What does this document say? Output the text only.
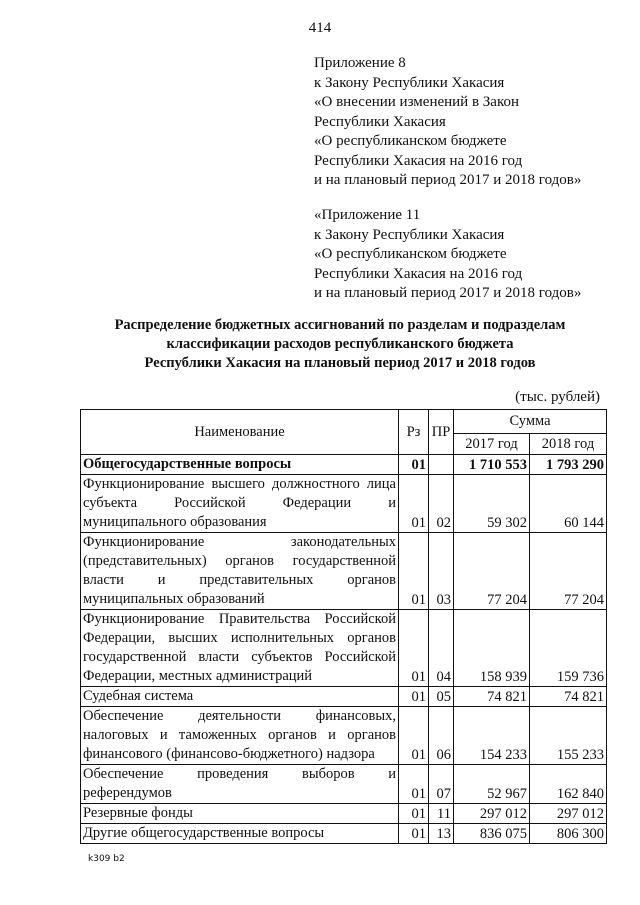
414
Приложение 8
к Закону Республики Хакасия
«О внесении изменений в Закон
Республики Хакасия
«О республиканском бюджете
Республики Хакасия на 2016 год
и на плановый период 2017 и 2018 годов»
«Приложение 11
к Закону Республики Хакасия
«О республиканском бюджете
Республики Хакасия на 2016 год
и на плановый период 2017 и 2018 годов»
Распределение бюджетных ассигнований по разделам и подразделам
классификации расходов республиканского бюджета
Республики Хакасия на плановый период 2017 и 2018 годов
(тыс. рублей)
Наименование	Рз	ПР	Сумма	
			2017 год	2018 год
Общегосударственные вопросы	01		1 710 553	1 793 290
Функционирование высшего должностного лица субъекта Российской Федерации и муниципального образования	01	02	59 302	60 144
Функционирование законодательных (представительных) органов государственной власти и представительных органов муниципальных образований	01	03	77 204	77 204
Функционирование Правительства Российской Федерации, высших исполнительных органов государственной власти субъектов Российской Федерации, местных администраций	01	04	158 939	159 736
Судебная система	01	05	74 821	74 821
Обеспечение деятельности финансовых, налоговых и таможенных органов и органов финансового (финансово-бюджетного) надзора	01	06	154 233	155 233
Обеспечение проведения выборов и референдумов	01	07	52 967	162 840
Резервные фонды	01	11	297 012	297 012
Другие общегосударственные вопросы	01	13	836 075	806 300
k309 b2
